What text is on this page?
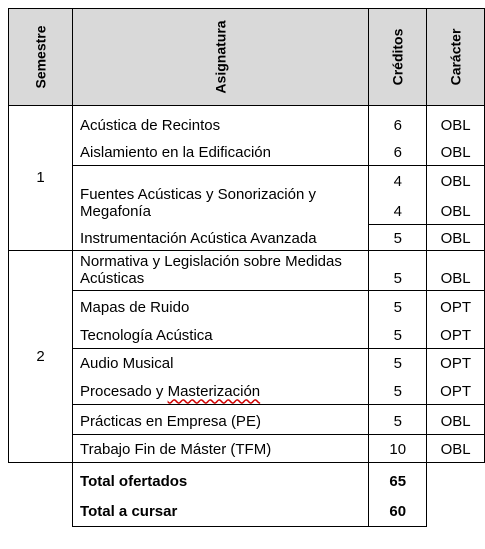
Semestre	Asignatura	Créditos	Carácter
1	Acústica de Recintos	6	OBL
	Aislamiento en la Edificación	6	OBL
	Fuentes Acústicas y Sonorización y
Megafonía	4	OBL
		4	OBL
	Instrumentación Acústica Avanzada	5	OBL

2	Normativa y Legislación sobre Medidas
Acústicas	5	OBL
	Mapas de Ruido	5	OPT
	Tecnología Acústica	5	OPT
	Audio Musical	5	OPT
	Procesado y Masterización	5	OPT
	Prácticas en Empresa (PE)	5	OBL
	Trabajo Fin de Máster (TFM)	10	OBL
	Total ofertados	65	
	Total a cursar	60	
